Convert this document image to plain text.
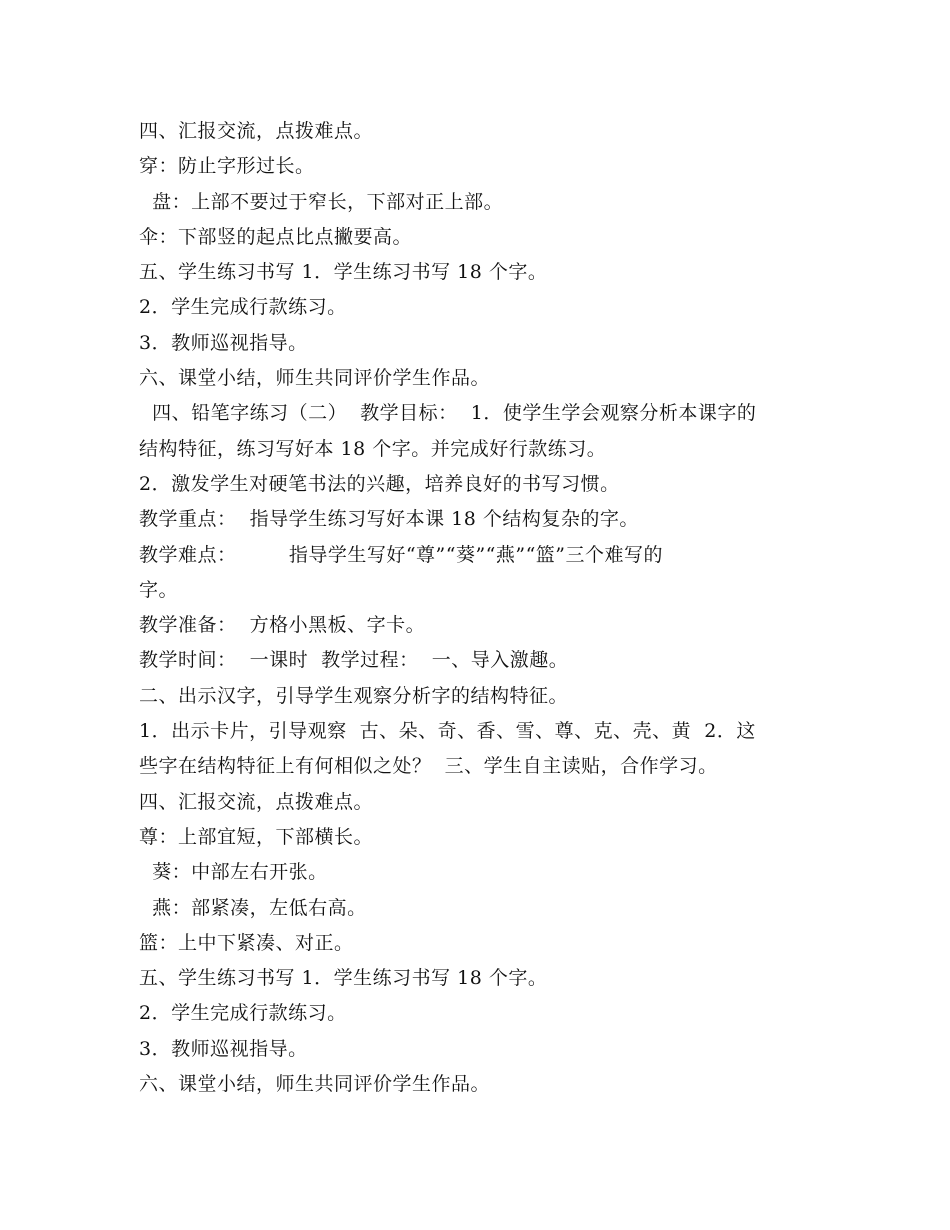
四、汇报交流，点拨难点。
穿：防止字形过长。
盘：上部不要过于窄长，下部对正上部。
伞：下部竖的起点比点撇要高。
五、学生练习书写 1．学生练习书写 18 个字。
2．学生完成行款练习。
3．教师巡视指导。
六、课堂小结，师生共同评价学生作品。
四、铅笔字练习（二）  教学目标：  1．使学生学会观察分析本课字的
结构特征，练习写好本 18 个字。并完成好行款练习。
2．激发学生对硬笔书法的兴趣，培养良好的书写习惯。
教学重点：  指导学生练习写好本课 18 个结构复杂的字。
教学难点：        指导学生写好“尊”“葵”“燕”“篮”三个难写的
字。
教学准备：  方格小黑板、字卡。
教学时间：  一课时  教学过程：  一、导入激趣。
二、出示汉字，引导学生观察分析字的结构特征。
1．出示卡片，引导观察  古、朵、奇、香、雪、尊、克、壳、黄  2．这
些字在结构特征上有何相似之处？  三、学生自主读贴，合作学习。
四、汇报交流，点拨难点。
尊：上部宜短，下部横长。
葵：中部左右开张。
燕：部紧凑，左低右高。
篮：上中下紧凑、对正。
五、学生练习书写 1．学生练习书写 18 个字。
2．学生完成行款练习。
3．教师巡视指导。
六、课堂小结，师生共同评价学生作品。
